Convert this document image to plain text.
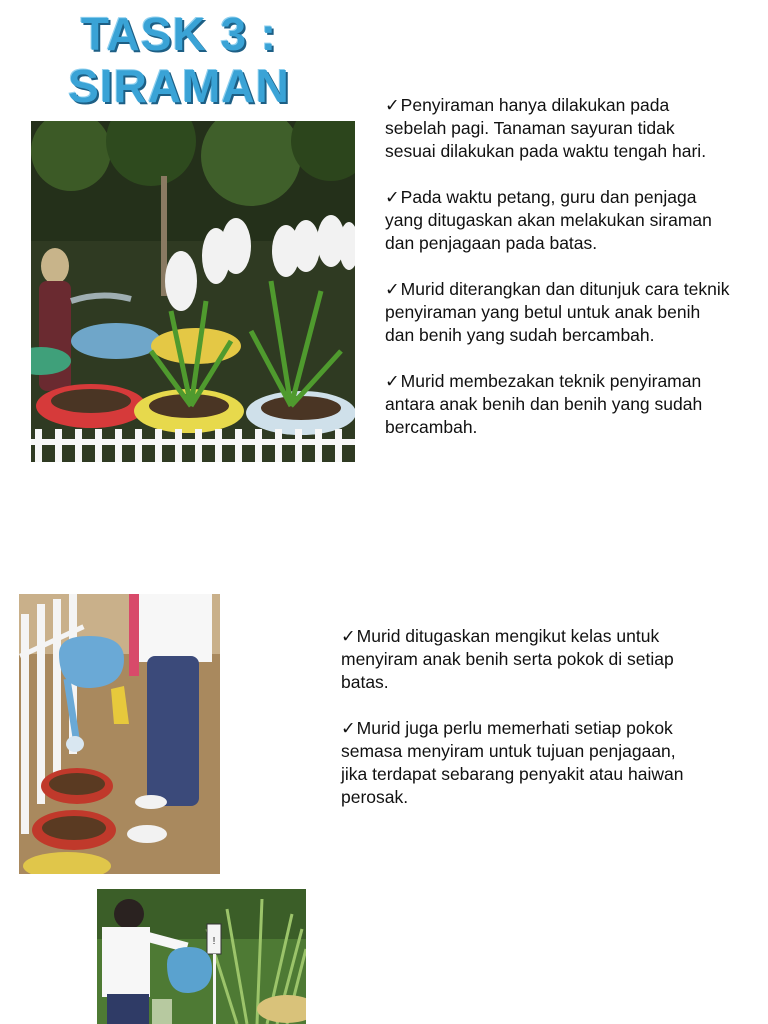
TASK 3 :
SIRAMAN	✓Penyiraman hanya dilakukan pada sebelah pagi. Tanaman sayuran tidak sesuai dilakukan pada waktu tengah hari.

✓Pada waktu petang, guru dan penjaga yang ditugaskan akan melakukan siraman dan penjagaan pada batas.

✓Murid diterangkan dan ditunjuk cara teknik penyiraman yang betul untuk anak benih dan benih yang sudah bercambah.

✓Murid membezakan teknik penyiraman antara anak benih dan benih yang sudah bercambah.

✓Murid ditugaskan mengikut kelas untuk menyiram anak benih serta pokok di setiap batas.

✓Murid juga perlu memerhati setiap pokok semasa menyiram untuk tujuan penjagaan, jika terdapat sebarang penyakit atau haiwan perosak.

!
